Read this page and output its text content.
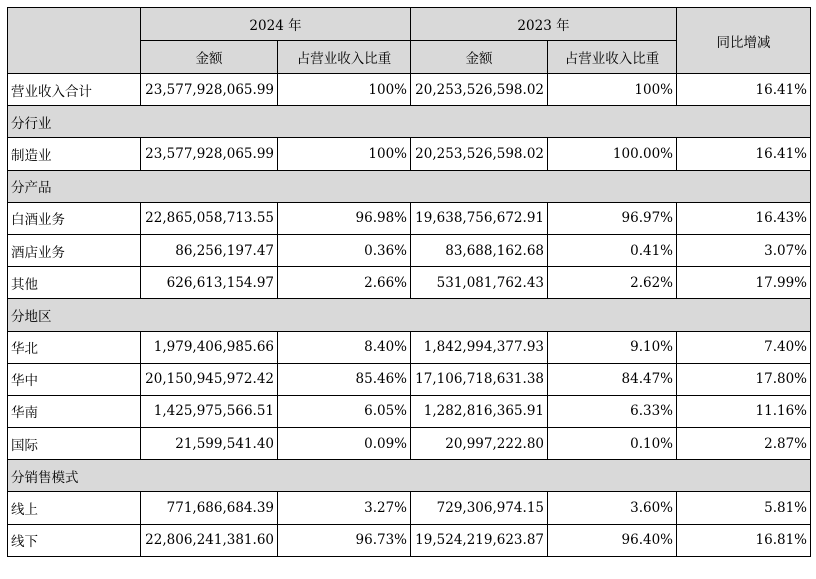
	2024 年		2023 年		同比增减
	金额	占营业收入比重	金额	占营业收入比重	
营业收入合计	23,577,928,065.99	100%	20,253,526,598.02	100%	16.41%
分行业					
制造业	23,577,928,065.99	100%	20,253,526,598.02	100.00%	16.41%
分产品					
白酒业务	22,865,058,713.55	96.98%	19,638,756,672.91	96.97%	16.43%
酒店业务	86,256,197.47	0.36%	83,688,162.68	0.41%	3.07%
其他	626,613,154.97	2.66%	531,081,762.43	2.62%	17.99%
分地区					
华北	1,979,406,985.66	8.40%	1,842,994,377.93	9.10%	7.40%
华中	20,150,945,972.42	85.46%	17,106,718,631.38	84.47%	17.80%
华南	1,425,975,566.51	6.05%	1,282,816,365.91	6.33%	11.16%
国际	21,599,541.40	0.09%	20,997,222.80	0.10%	2.87%
分销售模式					
线上	771,686,684.39	3.27%	729,306,974.15	3.60%	5.81%
线下	22,806,241,381.60	96.73%	19,524,219,623.87	96.40%	16.81%
